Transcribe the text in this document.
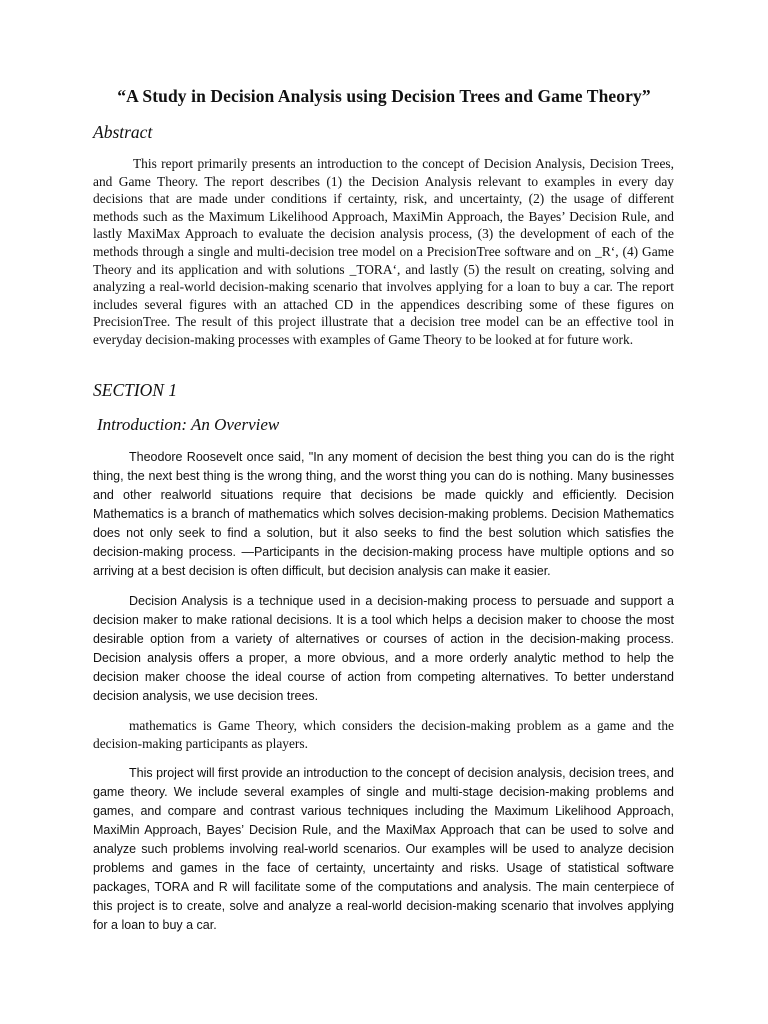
“A Study in Decision Analysis using Decision Trees and Game Theory”
Abstract

This report primarily presents an introduction to the concept of Decision Analysis, Decision Trees, and Game Theory. The report describes (1) the Decision Analysis relevant to examples in every day decisions that are made under conditions if certainty, risk, and uncertainty, (2) the usage of different methods such as the Maximum Likelihood Approach, MaxiMin Approach, the Bayes’ Decision Rule, and lastly MaxiMax Approach to evaluate the decision analysis process, (3) the development of each of the methods through a single and multi-decision tree model on a PrecisionTree software and on _R‘, (4) Game Theory and its application and with solutions _TORA‘, and lastly (5) the result on creating, solving and analyzing a real-world decision-making scenario that involves applying for a loan to buy a car. The report includes several figures with an attached CD in the appendices describing some of these figures on PrecisionTree. The result of this project illustrate that a decision tree model can be an effective tool in everyday decision-making processes with examples of Game Theory to be looked at for future work.

SECTION 1
Introduction: An Overview

Theodore Roosevelt once said, "In any moment of decision the best thing you can do is the right thing, the next best thing is the wrong thing, and the worst thing you can do is nothing. Many businesses and other realworld situations require that decisions be made quickly and efficiently. Decision Mathematics is a branch of mathematics which solves decision-making problems. Decision Mathematics does not only seek to find a solution, but it also seeks to find the best solution which satisfies the decision-making process. —Participants in the decision-making process have multiple options and so arriving at a best decision is often difficult, but decision analysis can make it easier.

Decision Analysis is a technique used in a decision-making process to persuade and support a decision maker to make rational decisions. It is a tool which helps a decision maker to choose the most desirable option from a variety of alternatives or courses of action in the decision-making process. Decision analysis offers a proper, a more obvious, and a more orderly analytic method to help the decision maker choose the ideal course of action from competing alternatives. To better understand decision analysis, we use decision trees.

mathematics is Game Theory, which considers the decision-making problem as a game and the decision-making participants as players.

This project will first provide an introduction to the concept of decision analysis, decision trees, and game theory. We include several examples of single and multi-stage decision-making problems and games, and compare and contrast various techniques including the Maximum Likelihood Approach, MaxiMin Approach, Bayes’ Decision Rule, and the MaxiMax Approach that can be used to solve and analyze such problems involving real-world scenarios. Our examples will be used to analyze decision problems and games in the face of certainty, uncertainty and risks. Usage of statistical software packages, TORA and R will facilitate some of the computations and analysis. The main centerpiece of this project is to create, solve and analyze a real-world decision-making scenario that involves applying for a loan to buy a car.
